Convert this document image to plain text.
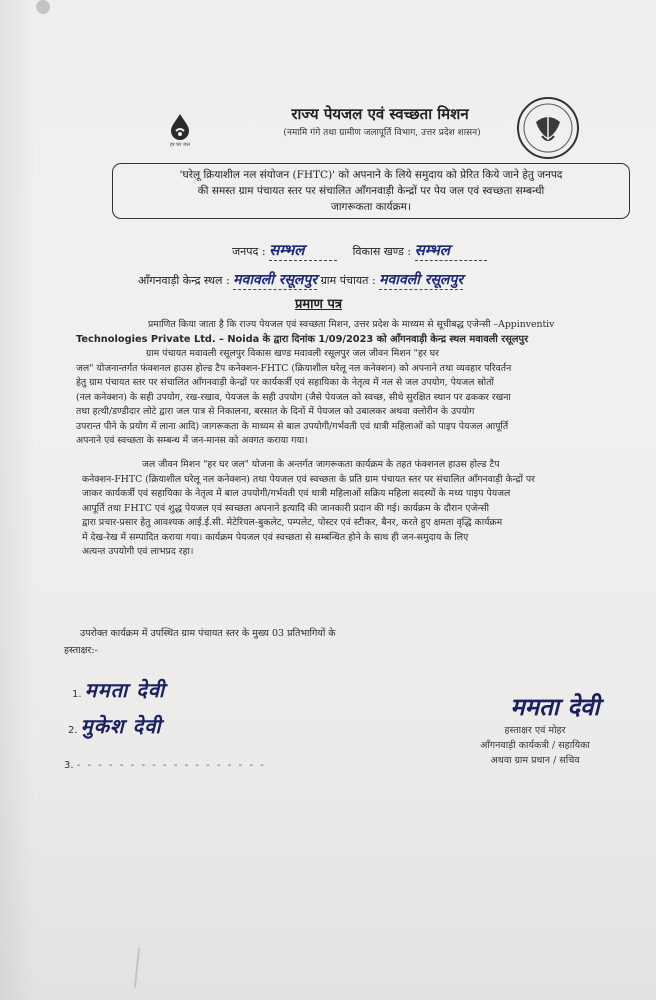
हर घर जल
राज्य पेयजल एवं स्वच्छता मिशन
(नमामि गंगे तथा ग्रामीण जलापूर्ति विभाग, उत्तर प्रदेश शासन)
'घरेलू क्रियाशील नल संयोजन (FHTC)' को अपनाने के लिये समुदाय को प्रेरित किये जाने हेतु जनपद
की समस्त ग्राम पंचायत स्तर पर संचालित आँगनवाड़ी केन्द्रों पर पेय जल एवं स्वच्छता सम्बन्धी
जागरूकता कार्यक्रम।
जनपद : सम्भल	विकास खण्ड : सम्भल
आँगनवाड़ी केन्द्र स्थल : मवावली रसूलपुर ग्राम पंचायत : मवावली रसूलपुर
प्रमाण पत्र
प्रमाणित किया जाता है कि राज्य पेयजल एवं स्वच्छता मिशन, उत्तर प्रदेश के माध्यम से सूचीबद्ध एजेन्सी –Appinventiv
Technologies Private Ltd. – Noida के द्वारा दिनांक 1/09/2023 को आँगनवाड़ी केन्द्र स्थल मवावली रसूलपुर
ग्राम पंचायत मवावली रसूलपुर विकास खण्ड मवावली रसूलपुर जल जीवन मिशन "हर घर
जल" योजनान्तर्गत फंक्शनल हाउस होल्ड टैप कनेक्शन-FHTC (क्रियाशील घरेलू नल कनेक्शन) को अपनाने तथा व्यवहार परिवर्तन
हेतु ग्राम पंचायत स्तर पर संचालित आँगनवाड़ी केन्द्रों पर कार्यकर्त्री एवं सहायिका के नेतृत्व में नल से जल उपयोग, पेयजल स्रोतों
(नल कनेक्शन) के सही उपयोग, रख-रखाव, पेयजल के सही उपयोग (जैसे पेयजल को स्वच्छ, सीधे सुरक्षित स्थान पर ढककर रखना
तथा हत्थी/डण्डीदार लोटे द्वारा जल पात्र से निकालना, बरसात के दिनों में पेयजल को उबालकर अथवा क्लोरीन के उपयोग
उपरान्त पीने के प्रयोग में लाना आदि) जागरूकता के माध्यम से बाल उपयोगी/गर्भवती एवं धात्री महिलाओं को पाइप पेयजल आपूर्ति
अपनाने एवं स्वच्छता के सम्बन्ध में जन-मानस को अवगत कराया गया।
जल जीवन मिशन "हर घर जल" योजना के अन्तर्गत जागरूकता कार्यक्रम के तहत फंक्शनल हाउस होल्ड टैप
कनेक्शन-FHTC (क्रियाशील घरेलू नल कनेक्शन) तथा पेयजल एवं स्वच्छता के प्रति ग्राम पंचायत स्तर पर संचालित आँगनवाड़ी केन्द्रों पर
जाकर कार्यकर्त्री एवं सहायिका के नेतृत्व में बाल उपयोगी/गर्भवती एवं धात्री महिलाओं सक्रिय महिला सदस्यों के मध्य पाइप पेयजल
आपूर्ति तथा FHTC एवं शुद्ध पेयजल एवं स्वच्छता अपनाने इत्यादि की जानकारी प्रदान की गई। कार्यक्रम के दौरान एजेन्सी
द्वारा प्रचार-प्रसार हेतु आवश्यक आई.ई.सी. मेटेरियल-बुकलेट, पम्पलेट, पोस्टर एवं स्टीकर, बैनर, करते हुए क्षमता वृद्धि कार्यक्रम
में देख-रेख में सम्पादित कराया गया। कार्यक्रम पेयजल एवं स्वच्छता से सम्बन्धित होने के साथ ही जन-समुदाय के लिए
अत्यन्त उपयोगी एवं लाभप्रद रहा।
उपरोक्त कार्यक्रम में उपस्थित ग्राम पंचायत स्तर के मुख्य 03 प्रतिभागियों के
हस्ताक्षर:-
1. ममता देवी
2. मुकेश देवी
3. - - - - - - - - - - - - - - - - - -
ममता देवी
हस्ताक्षर एवं मोहर
आँगनवाड़ी कार्यकत्री / सहायिका
अथवा ग्राम प्रधान / सचिव
